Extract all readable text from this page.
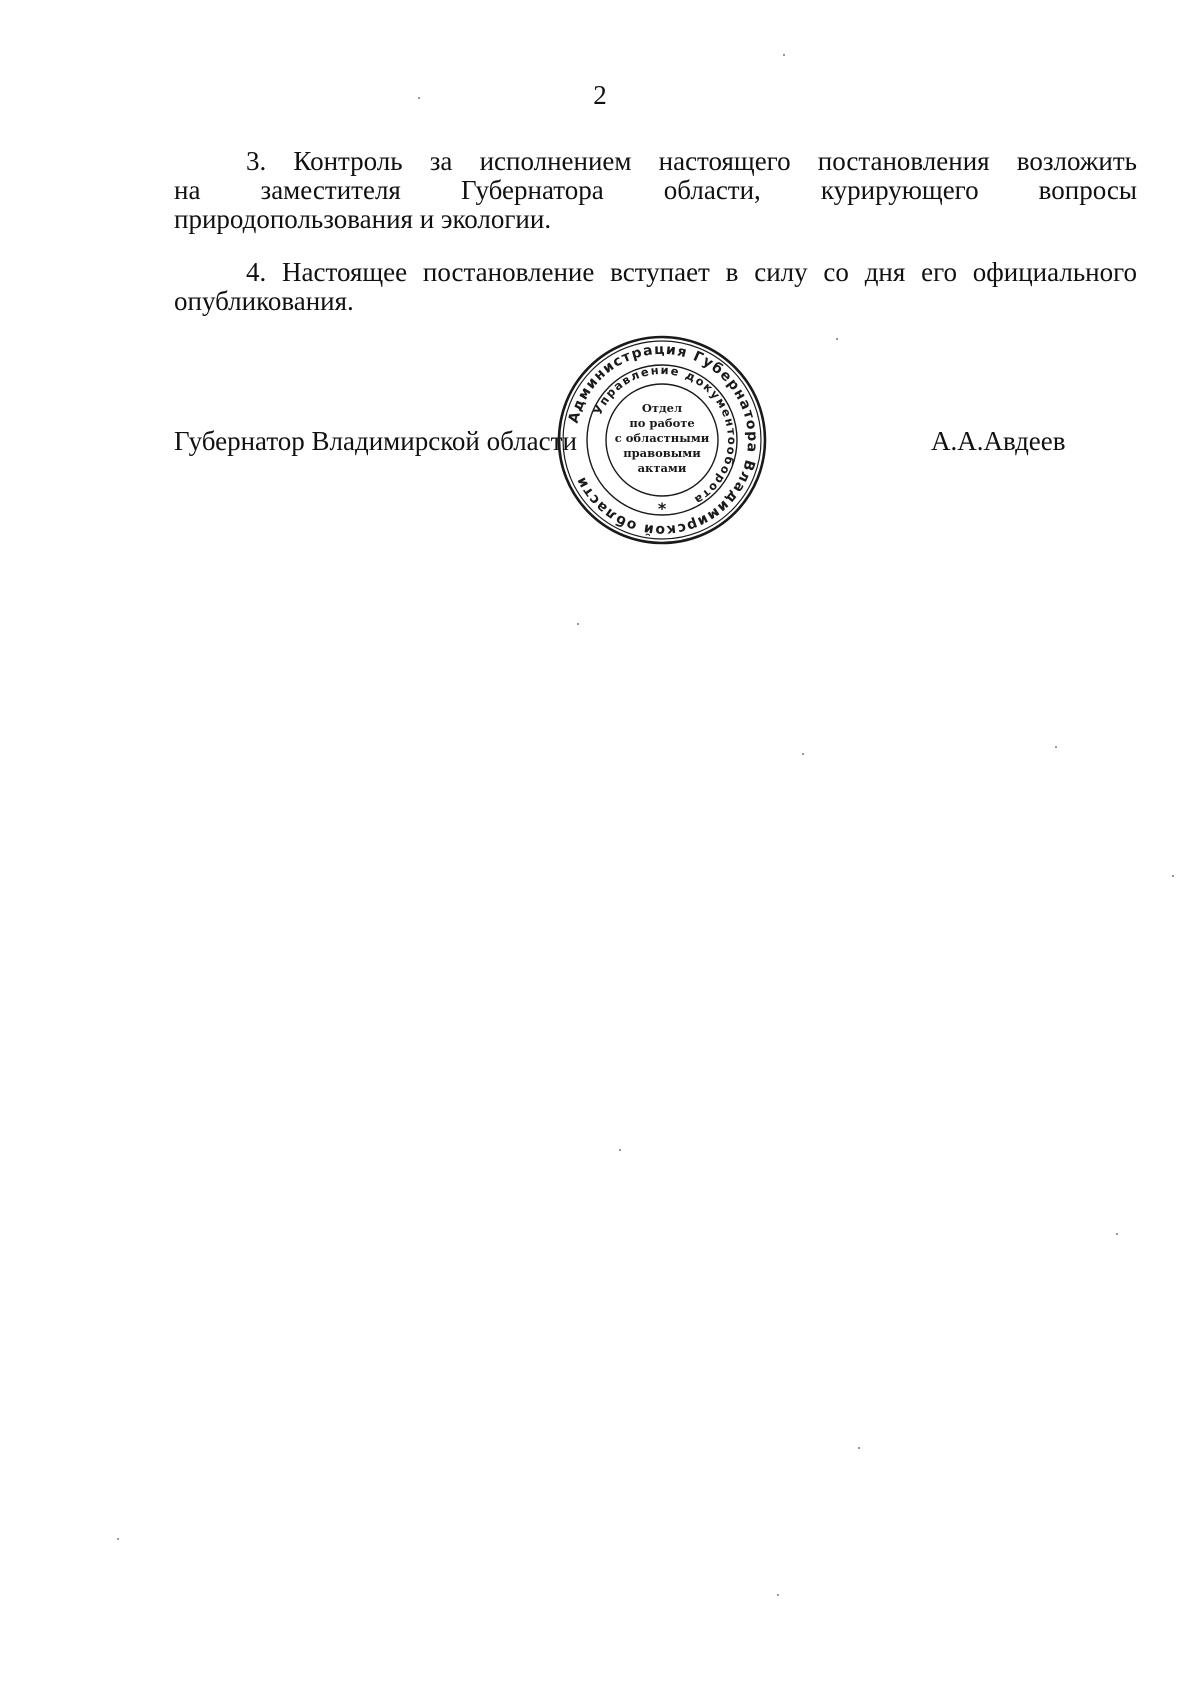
2
3. Контроль за исполнением настоящего постановления возложить
на заместителя Губернатора области, курирующего вопросы
природопользования и экологии.
4. Настоящее постановление вступает в силу со дня его официального
опубликования.
Губернатор Владимирской области	А.А.Авдеев
Администрация Губернатора Владимирской области
Управление документооборота
Отдел
по работе
с областными
правовыми
актами
*
